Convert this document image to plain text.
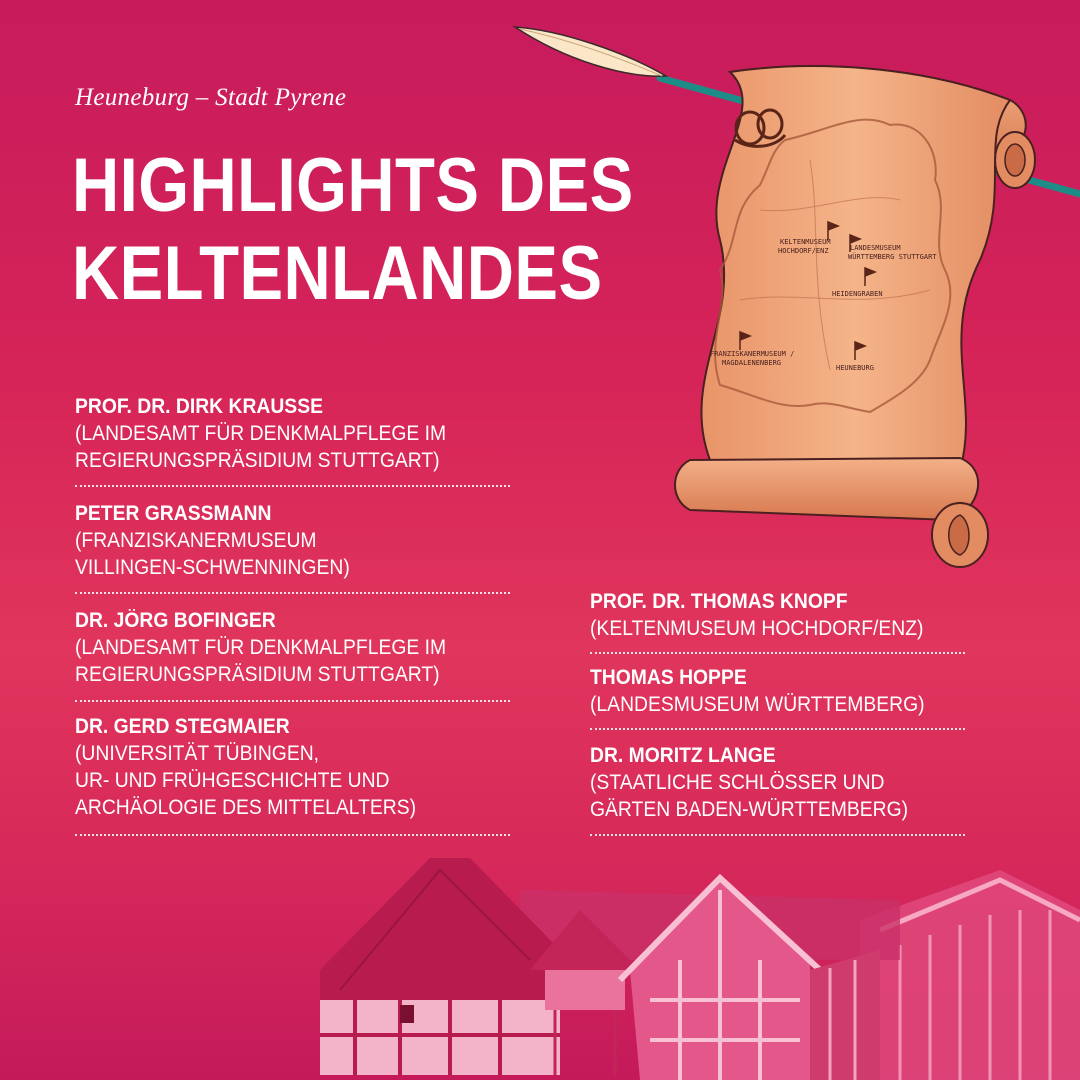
Heuneburg – Stadt Pyrene
HIGHLIGHTS DES
KELTENLANDES	KELTENMUSEUM HOCHDORF/ENZ	LANDESMUSEUM WÜRTTEMBERG STUTTGART
HEIDENGRABEN
FRANZISKANERMUSEUM / MAGDALENENBERG
HEUNEBURG
PROF. DR. DIRK KRAUSSE
(LANDESAMT FÜR DENKMALPFLEGE IM
REGIERUNGSPRÄSIDIUM STUTTGART)
PETER GRASSMANN
(FRANZISKANERMUSEUM
VILLINGEN-SCHWENNINGEN)
DR. JÖRG BOFINGER
(LANDESAMT FÜR DENKMALPFLEGE IM
REGIERUNGSPRÄSIDIUM STUTTGART)
DR. GERD STEGMAIER
(UNIVERSITÄT TÜBINGEN,
UR- UND FRÜHGESCHICHTE UND
ARCHÄOLOGIE DES MITTELALTERS)
PROF. DR. THOMAS KNOPF
(KELTENMUSEUM HOCHDORF/ENZ)
THOMAS HOPPE
(LANDESMUSEUM WÜRTTEMBERG)
DR. MORITZ LANGE
(STAATLICHE SCHLÖSSER UND
GÄRTEN BADEN-WÜRTTEMBERG)
